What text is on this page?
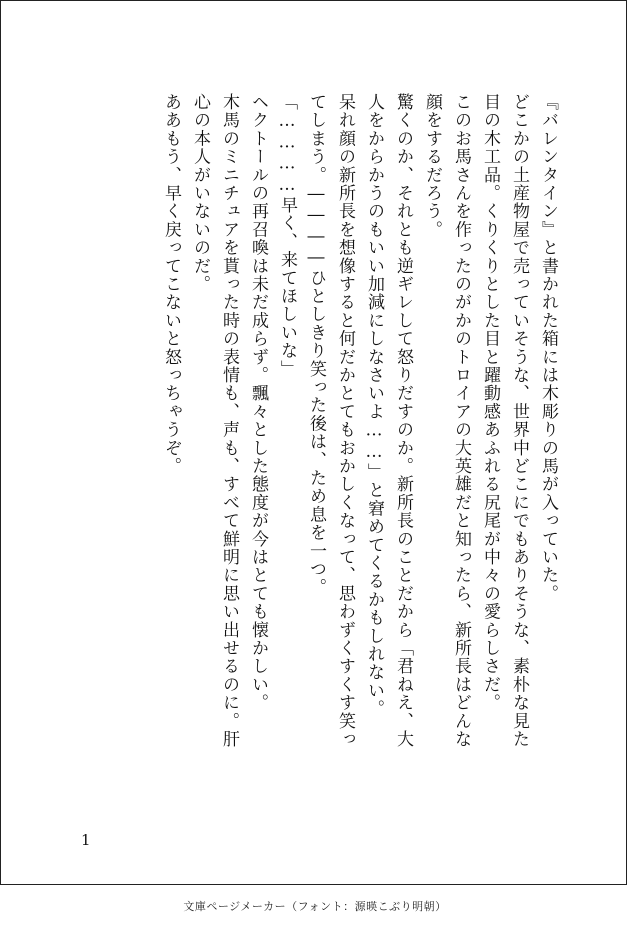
『バレンタイン』と書かれた箱には木彫りの馬が入っていた。

どこかの土産物屋で売っていそうな、世界中どこにでもありそうな、素朴な見た

目の木工品。くりくりとした目と躍動感あふれる尻尾が中々の愛らしさだ。

このお馬さんを作ったのがかのトロイアの大英雄だと知ったら、新所長はどんな

顔をするだろう。

驚くのか、それとも逆ギレして怒りだすのか。新所長のことだから「君ねえ、大

人をからかうのもいい加減にしなさいよ……」と窘めてくるかもしれない。

呆れ顔の新所長を想像すると何だかとてもおかしくなって、思わずくすくす笑っ

てしまう。――――ひとしきり笑った後は、ため息を一つ。

「…………早く、来てほしいな」

ヘクトールの再召喚は未だ成らず。飄々とした態度が今はとても懐かしい。

木馬のミニチュアを貰った時の表情も、声も、すべて鮮明に思い出せるのに。肝

心の本人がいないのだ。

ああもう、早く戻ってこないと怒っちゃうぞ。

1
文庫ページメーカー（フォント：源暎こぶり明朝）
